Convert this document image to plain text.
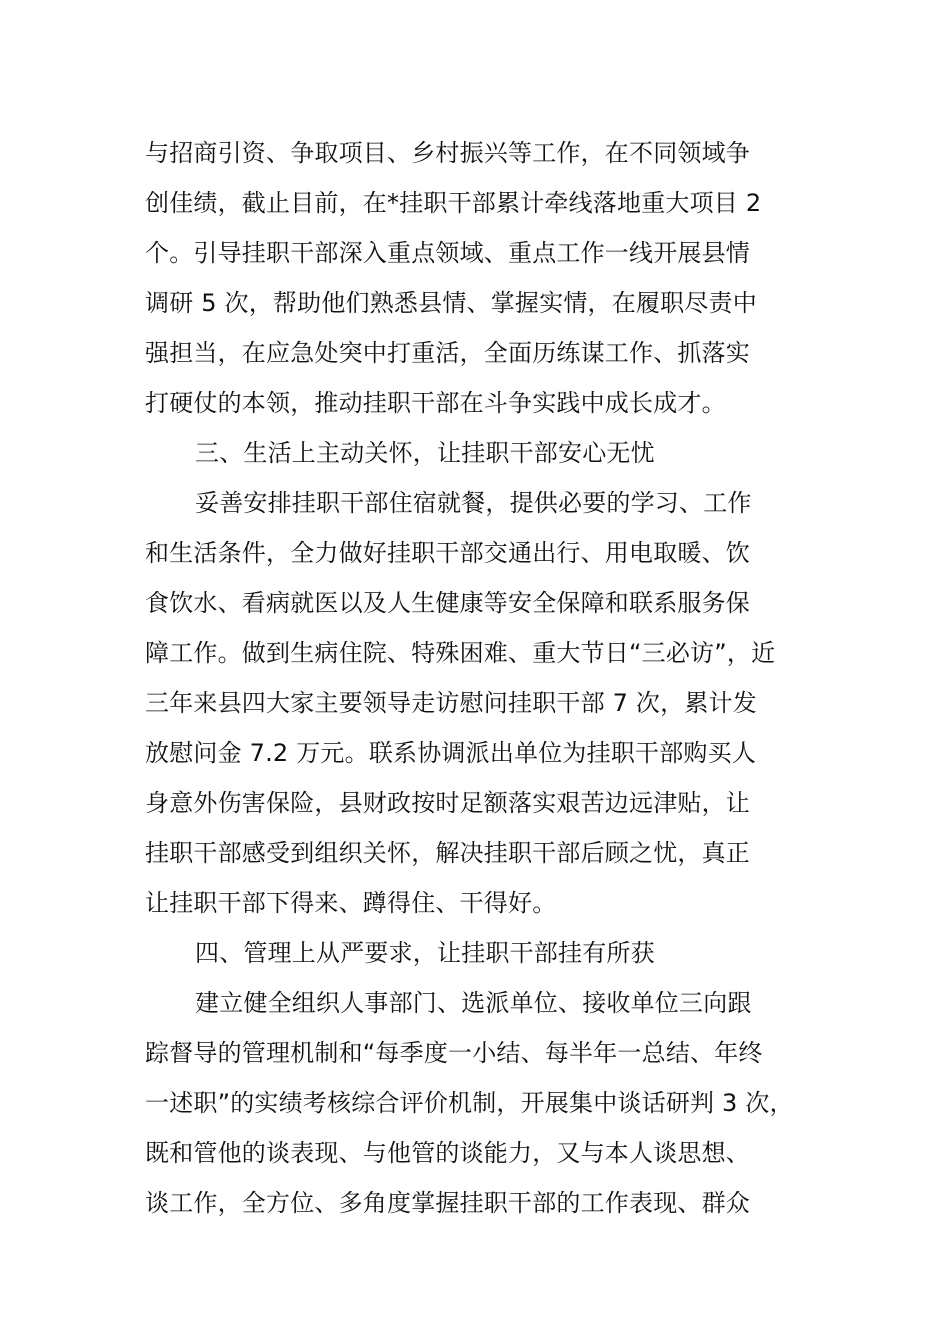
与招商引资、争取项目、乡村振兴等工作，在不同领域争
创佳绩，截止目前，在*挂职干部累计牵线落地重大项目 2
个。引导挂职干部深入重点领域、重点工作一线开展县情
调研 5 次，帮助他们熟悉县情、掌握实情，在履职尽责中
强担当，在应急处突中打重活，全面历练谋工作、抓落实
打硬仗的本领，推动挂职干部在斗争实践中成长成才。
三、生活上主动关怀，让挂职干部安心无忧
妥善安排挂职干部住宿就餐，提供必要的学习、工作
和生活条件，全力做好挂职干部交通出行、用电取暖、饮
食饮水、看病就医以及人生健康等安全保障和联系服务保
障工作。做到生病住院、特殊困难、重大节日“三必访”，近
三年来县四大家主要领导走访慰问挂职干部 7 次，累计发
放慰问金 7.2 万元。联系协调派出单位为挂职干部购买人
身意外伤害保险，县财政按时足额落实艰苦边远津贴，让
挂职干部感受到组织关怀，解决挂职干部后顾之忧，真正
让挂职干部下得来、蹲得住、干得好。
四、管理上从严要求，让挂职干部挂有所获
建立健全组织人事部门、选派单位、接收单位三向跟
踪督导的管理机制和“每季度一小结、每半年一总结、年终
一述职”的实绩考核综合评价机制，开展集中谈话研判 3 次，
既和管他的谈表现、与他管的谈能力，又与本人谈思想、
谈工作，全方位、多角度掌握挂职干部的工作表现、群众
